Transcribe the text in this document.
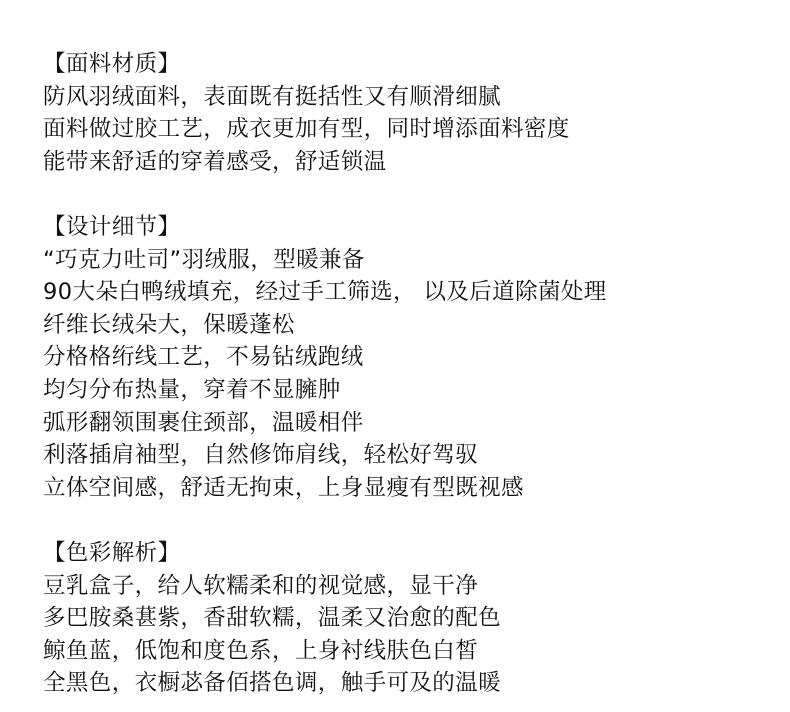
【面料材质】
防风羽绒面料，表面既有挺括性又有顺滑细腻
面料做过胶工艺，成衣更加有型，同时增添面料密度
能带来舒适的穿着感受，舒适锁温
【设计细节】
“巧克力吐司”羽绒服，型暖兼备
90大朵白鸭绒填充，经过手工筛选， 以及后道除菌处理
纤维长绒朵大，保暖蓬松
分格格绗线工艺，不易钻绒跑绒
均匀分布热量，穿着不显臃肿
弧形翻领围裹住颈部，温暖相伴
利落插肩袖型，自然修饰肩线，轻松好驾驭
立体空间感，舒适无拘束，上身显瘦有型既视感
【色彩解析】
豆乳盒子，给人软糯柔和的视觉感，显干净
多巴胺桑葚紫，香甜软糯，温柔又治愈的配色
鲸鱼蓝，低饱和度色系，上身衬线肤色白皙
全黑色，衣橱苾备佰搭色调，触手可及的温暖
